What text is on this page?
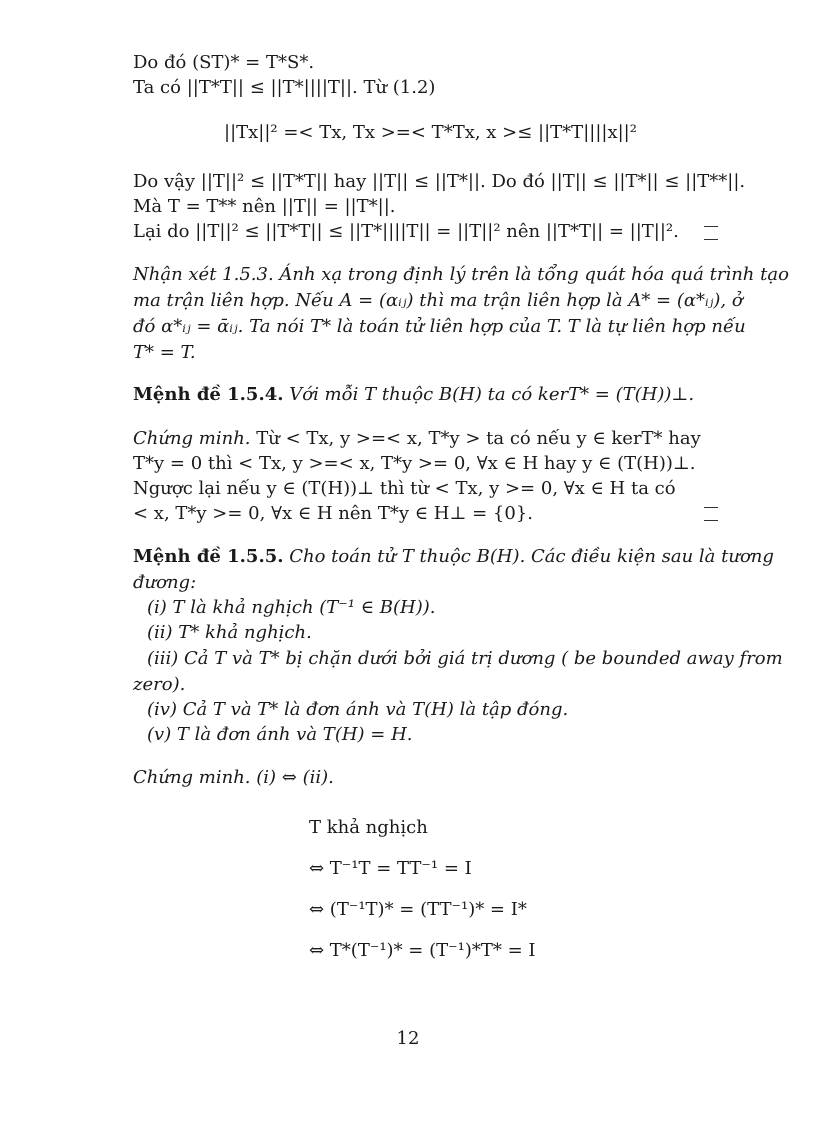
Do đó (ST)* = T*S*.
Ta có ||T*T|| ≤ ||T*||||T||. Từ (1.2)
||Tx||² =< Tx, Tx >=< T*Tx, x >≤ ||T*T||||x||²
Do vậy ||T||² ≤ ||T*T|| hay ||T|| ≤ ||T*||. Do đó ||T|| ≤ ||T*|| ≤ ||T**||.
Mà T = T** nên ||T|| = ||T*||.
Lại do ||T||² ≤ ||T*T|| ≤ ||T*||||T|| = ||T||² nên ||T*T|| = ||T||².
Nhận xét 1.5.3. Ánh xạ trong định lý trên là tổng quát hóa quá trình tạo
ma trận liên hợp. Nếu A = (αᵢⱼ) thì ma trận liên hợp là A* = (α*ᵢⱼ), ở
đó α*ᵢⱼ = ᾱᵢⱼ. Ta nói T* là toán tử liên hợp của T. T là tự liên hợp nếu
T* = T.
Mệnh đề 1.5.4. Với mỗi T thuộc B(H) ta có kerT* = (T(H))⊥.
Chứng minh. Từ < Tx, y >=< x, T*y > ta có nếu y ∈ kerT* hay
T*y = 0 thì < Tx, y >=< x, T*y >= 0, ∀x ∈ H hay y ∈ (T(H))⊥.
Ngược lại nếu y ∈ (T(H))⊥ thì từ < Tx, y >= 0, ∀x ∈ H ta có
< x, T*y >= 0, ∀x ∈ H nên T*y ∈ H⊥ = {0}.
Mệnh đề 1.5.5. Cho toán tử T thuộc B(H). Các điều kiện sau là tương
đương:
(i) T là khả nghịch (T⁻¹ ∈ B(H)).
(ii) T* khả nghịch.
(iii) Cả T và T* bị chặn dưới bởi giá trị dương ( be bounded away from
zero).
(iv) Cả T và T* là đơn ánh và T(H) là tập đóng.
(v) T là đơn ánh và T(H) = H.
Chứng minh. (i) ⇔ (ii).
T khả nghịch
⇔ T⁻¹T = TT⁻¹ = I
⇔ (T⁻¹T)* = (TT⁻¹)* = I*
⇔ T*(T⁻¹)* = (T⁻¹)*T* = I
12
